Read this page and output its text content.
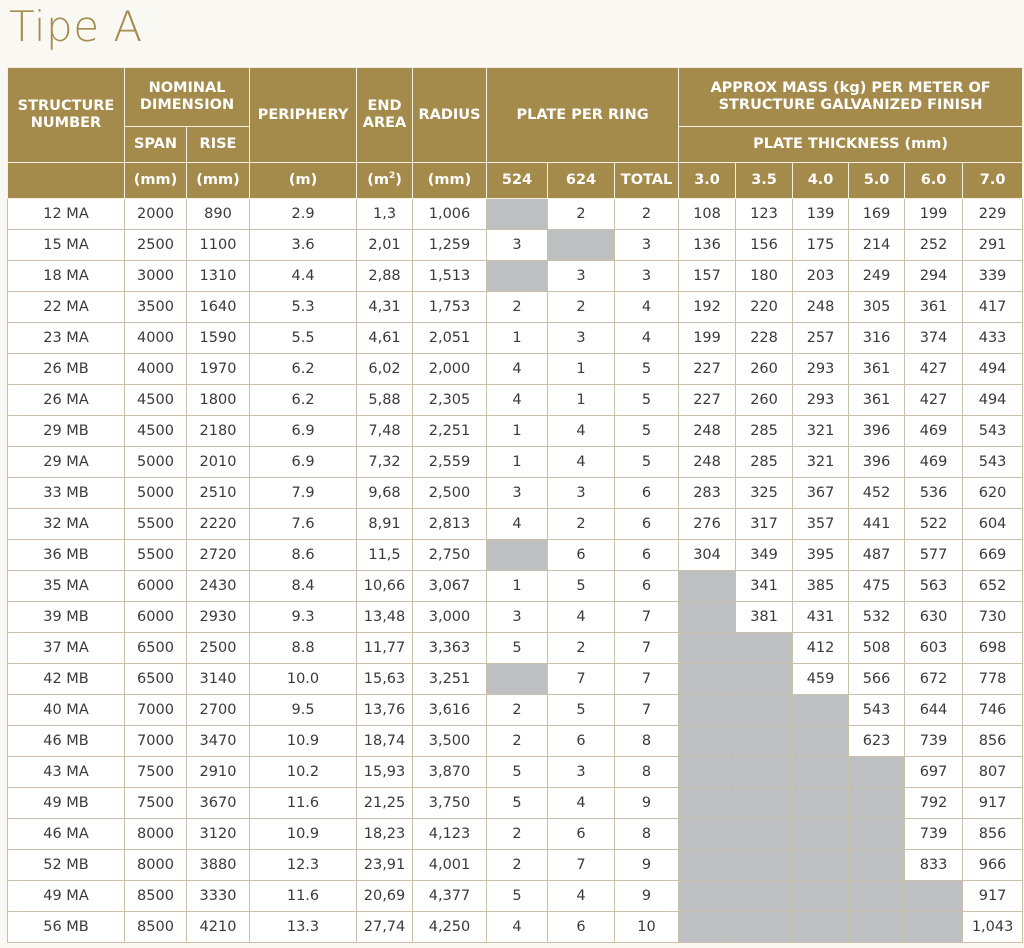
Tipe A
STRUCTURE NUMBER	NOMINAL DIMENSION		PERIPHERY	END AREA	RADIUS	PLATE PER RING			APPROX MASS (kg) PER METER OF STRUCTURE GALVANIZED FINISH					
	SPAN	RISE							PLATE THICKNESS (mm)					
	(mm)	(mm)	(m)	$(m^2)$	(mm)	524	624	TOTAL	3.0	3.5	4.0	5.0	6.0	7.0
12 MA	2000	890	2.9	1,3	1,006		2	2	108	123	139	169	199	229
15 MA	2500	1100	3.6	2,01	1,259	3		3	136	156	175	214	252	291
18 MA	3000	1310	4.4	2,88	1,513		3	3	157	180	203	249	294	339
22 MA	3500	1640	5.3	4,31	1,753	2	2	4	192	220	248	305	361	417
23 MA	4000	1590	5.5	4,61	2,051	1	3	4	199	228	257	316	374	433
26 MB	4000	1970	6.2	6,02	2,000	4	1	5	227	260	293	361	427	494
26 MA	4500	1800	6.2	5,88	2,305	4	1	5	227	260	293	361	427	494
29 MB	4500	2180	6.9	7,48	2,251	1	4	5	248	285	321	396	469	543
29 MA	5000	2010	6.9	7,32	2,559	1	4	5	248	285	321	396	469	543
33 MB	5000	2510	7.9	9,68	2,500	3	3	6	283	325	367	452	536	620
32 MA	5500	2220	7.6	8,91	2,813	4	2	6	276	317	357	441	522	604
36 MB	5500	2720	8.6	11,5	2,750		6	6	304	349	395	487	577	669
35 MA	6000	2430	8.4	10,66	3,067	1	5	6		341	385	475	563	652
39 MB	6000	2930	9.3	13,48	3,000	3	4	7		381	431	532	630	730
37 MA	6500	2500	8.8	11,77	3,363	5	2	7			412	508	603	698
42 MB	6500	3140	10.0	15,63	3,251		7	7			459	566	672	778
40 MA	7000	2700	9.5	13,76	3,616	2	5	7				543	644	746
46 MB	7000	3470	10.9	18,74	3,500	2	6	8				623	739	856
43 MA	7500	2910	10.2	15,93	3,870	5	3	8					697	807
49 MB	7500	3670	11.6	21,25	3,750	5	4	9					792	917
46 MA	8000	3120	10.9	18,23	4,123	2	6	8					739	856
52 MB	8000	3880	12.3	23,91	4,001	2	7	9					833	966
49 MA	8500	3330	11.6	20,69	4,377	5	4	9						917
56 MB	8500	4210	13.3	27,74	4,250	4	6	10						1,043
